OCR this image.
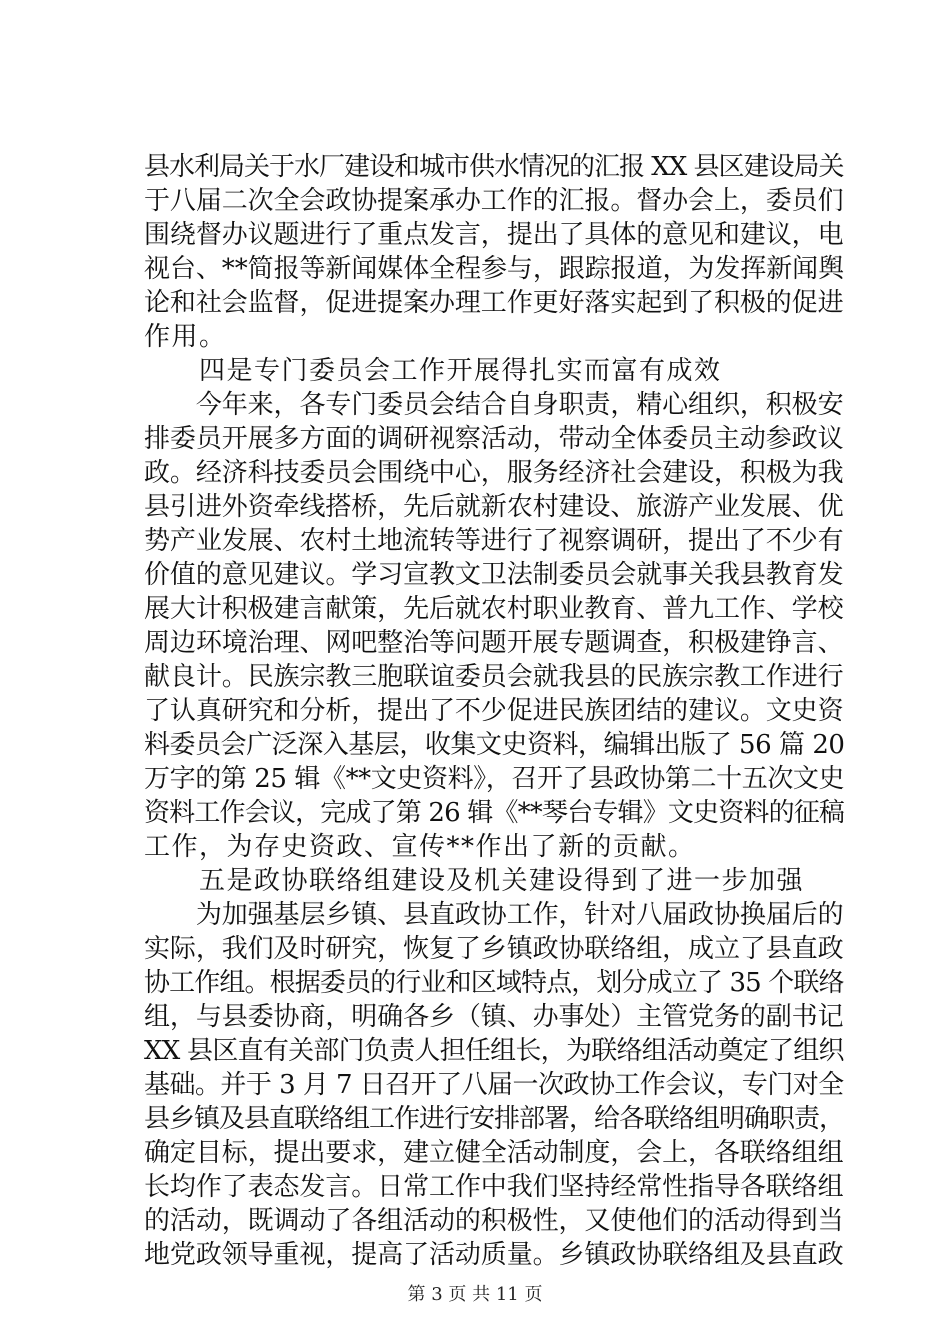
县水利局关于水厂建设和城市供水情况的汇报 XX 县区建设局关
于八届二次全会政协提案承办工作的汇报。督办会上，委员们
围绕督办议题进行了重点发言，提出了具体的意见和建议，电
视台、**简报等新闻媒体全程参与，跟踪报道，为发挥新闻舆
论和社会监督，促进提案办理工作更好落实起到了积极的促进
作用。
　　四是专门委员会工作开展得扎实而富有成效
　　今年来，各专门委员会结合自身职责，精心组织，积极安
排委员开展多方面的调研视察活动，带动全体委员主动参政议
政。经济科技委员会围绕中心，服务经济社会建设，积极为我
县引进外资牵线搭桥，先后就新农村建设、旅游产业发展、优
势产业发展、农村土地流转等进行了视察调研，提出了不少有
价值的意见建议。学习宣教文卫法制委员会就事关我县教育发
展大计积极建言献策，先后就农村职业教育、普九工作、学校
周边环境治理、网吧整治等问题开展专题调查，积极建铮言、
献良计。民族宗教三胞联谊委员会就我县的民族宗教工作进行
了认真研究和分析，提出了不少促进民族团结的建议。文史资
料委员会广泛深入基层，收集文史资料，编辑出版了 56 篇 20
万字的第 25 辑《**文史资料》，召开了县政协第二十五次文史
资料工作会议，完成了第 26 辑《**琴台专辑》文史资料的征稿
工作，为存史资政、宣传**作出了新的贡献。
　　五是政协联络组建设及机关建设得到了进一步加强
　　为加强基层乡镇、县直政协工作，针对八届政协换届后的
实际，我们及时研究，恢复了乡镇政协联络组，成立了县直政
协工作组。根据委员的行业和区域特点，划分成立了 35 个联络
组，与县委协商，明确各乡（镇、办事处）主管党务的副书记
XX 县区直有关部门负责人担任组长，为联络组活动奠定了组织
基础。并于 3 月 7 日召开了八届一次政协工作会议，专门对全
县乡镇及县直联络组工作进行安排部署，给各联络组明确职责，
确定目标，提出要求，建立健全活动制度，会上，各联络组组
长均作了表态发言。日常工作中我们坚持经常性指导各联络组
的活动，既调动了各组活动的积极性，又使他们的活动得到当
地党政领导重视，提高了活动质量。乡镇政协联络组及县直政
第 3 页 共 11 页
